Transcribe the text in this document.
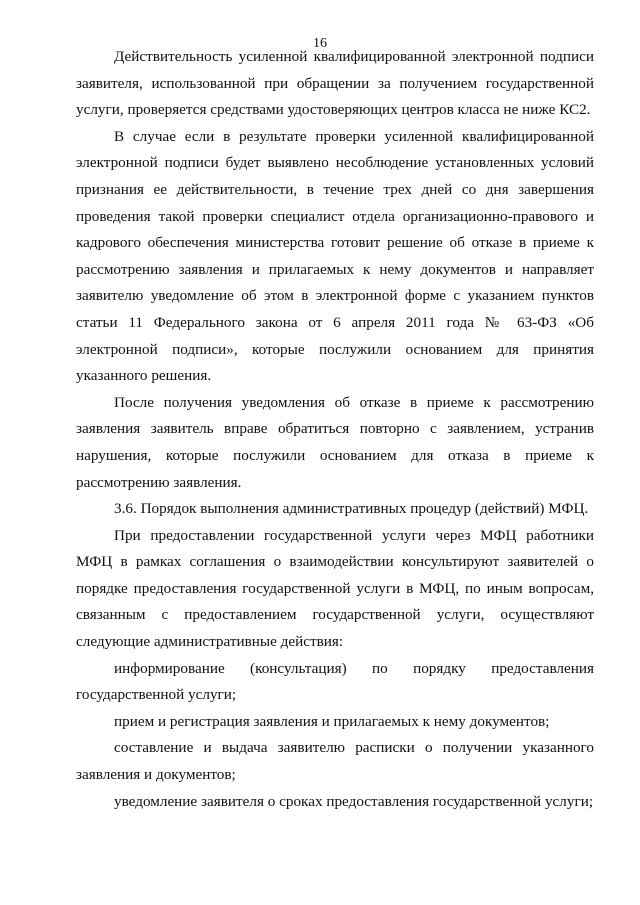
16

Действительность усиленной квалифицированной электронной подписи заявителя, использованной при обращении за получением государственной услуги, проверяется средствами удостоверяющих центров класса не ниже КС2.

В случае если в результате проверки усиленной квалифицированной электронной подписи будет выявлено несоблюдение установленных условий признания ее действительности, в течение трех дней со дня завершения проведения такой проверки специалист отдела организационно-правового и кадрового обеспечения министерства готовит решение об отказе в приеме к рассмотрению заявления и прилагаемых к нему документов и направляет заявителю уведомление об этом в электронной форме с указанием пунктов статьи 11 Федерального закона от 6 апреля 2011 года № 63-ФЗ «Об электронной подписи», которые послужили основанием для принятия указанного решения.

После получения уведомления об отказе в приеме к рассмотрению заявления заявитель вправе обратиться повторно с заявлением, устранив нарушения, которые послужили основанием для отказа в приеме к рассмотрению заявления.

3.6. Порядок выполнения административных процедур (действий) МФЦ.

При предоставлении государственной услуги через МФЦ работники МФЦ в рамках соглашения о взаимодействии консультируют заявителей о порядке предоставления государственной услуги в МФЦ, по иным вопросам, связанным с предоставлением государственной услуги, осуществляют следующие административные действия:

информирование (консультация) по порядку предоставления государственной услуги;

прием и регистрация заявления и прилагаемых к нему документов;

составление и выдача заявителю расписки о получении указанного заявления и документов;

уведомление заявителя о сроках предоставления государственной услуги;
